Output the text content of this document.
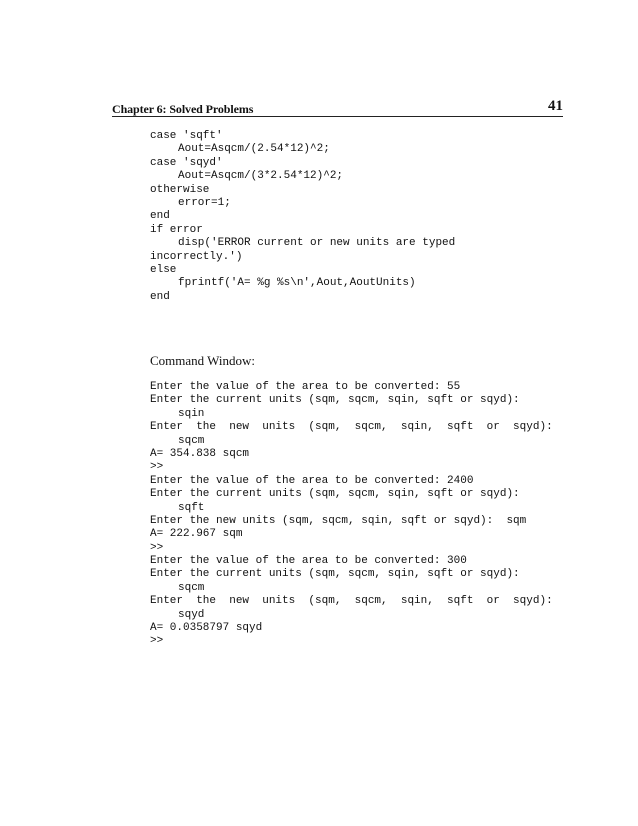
Chapter 6: Solved Problems	41
case 'sqft'
Aout=Asqcm/(2.54*12)^2;
case 'sqyd'
Aout=Asqcm/(3*2.54*12)^2;
otherwise
error=1;
end
if error
disp('ERROR current or new units are typed
incorrectly.')
else
fprintf('A= %g %s\n',Aout,AoutUnits)
end
Command Window:
Enter the value of the area to be converted: 55
Enter the current units (sqm, sqcm, sqin, sqft or sqyd):
sqin
Enter  the  new  units  (sqm,  sqcm,  sqin,  sqft  or  sqyd):
sqcm
A= 354.838 sqcm
>>
Enter the value of the area to be converted: 2400
Enter the current units (sqm, sqcm, sqin, sqft or sqyd):
sqft
Enter the new units (sqm, sqcm, sqin, sqft or sqyd):  sqm
A= 222.967 sqm
>>
Enter the value of the area to be converted: 300
Enter the current units (sqm, sqcm, sqin, sqft or sqyd):
sqcm
Enter  the  new  units  (sqm,  sqcm,  sqin,  sqft  or  sqyd):
sqyd
A= 0.0358797 sqyd
>>
